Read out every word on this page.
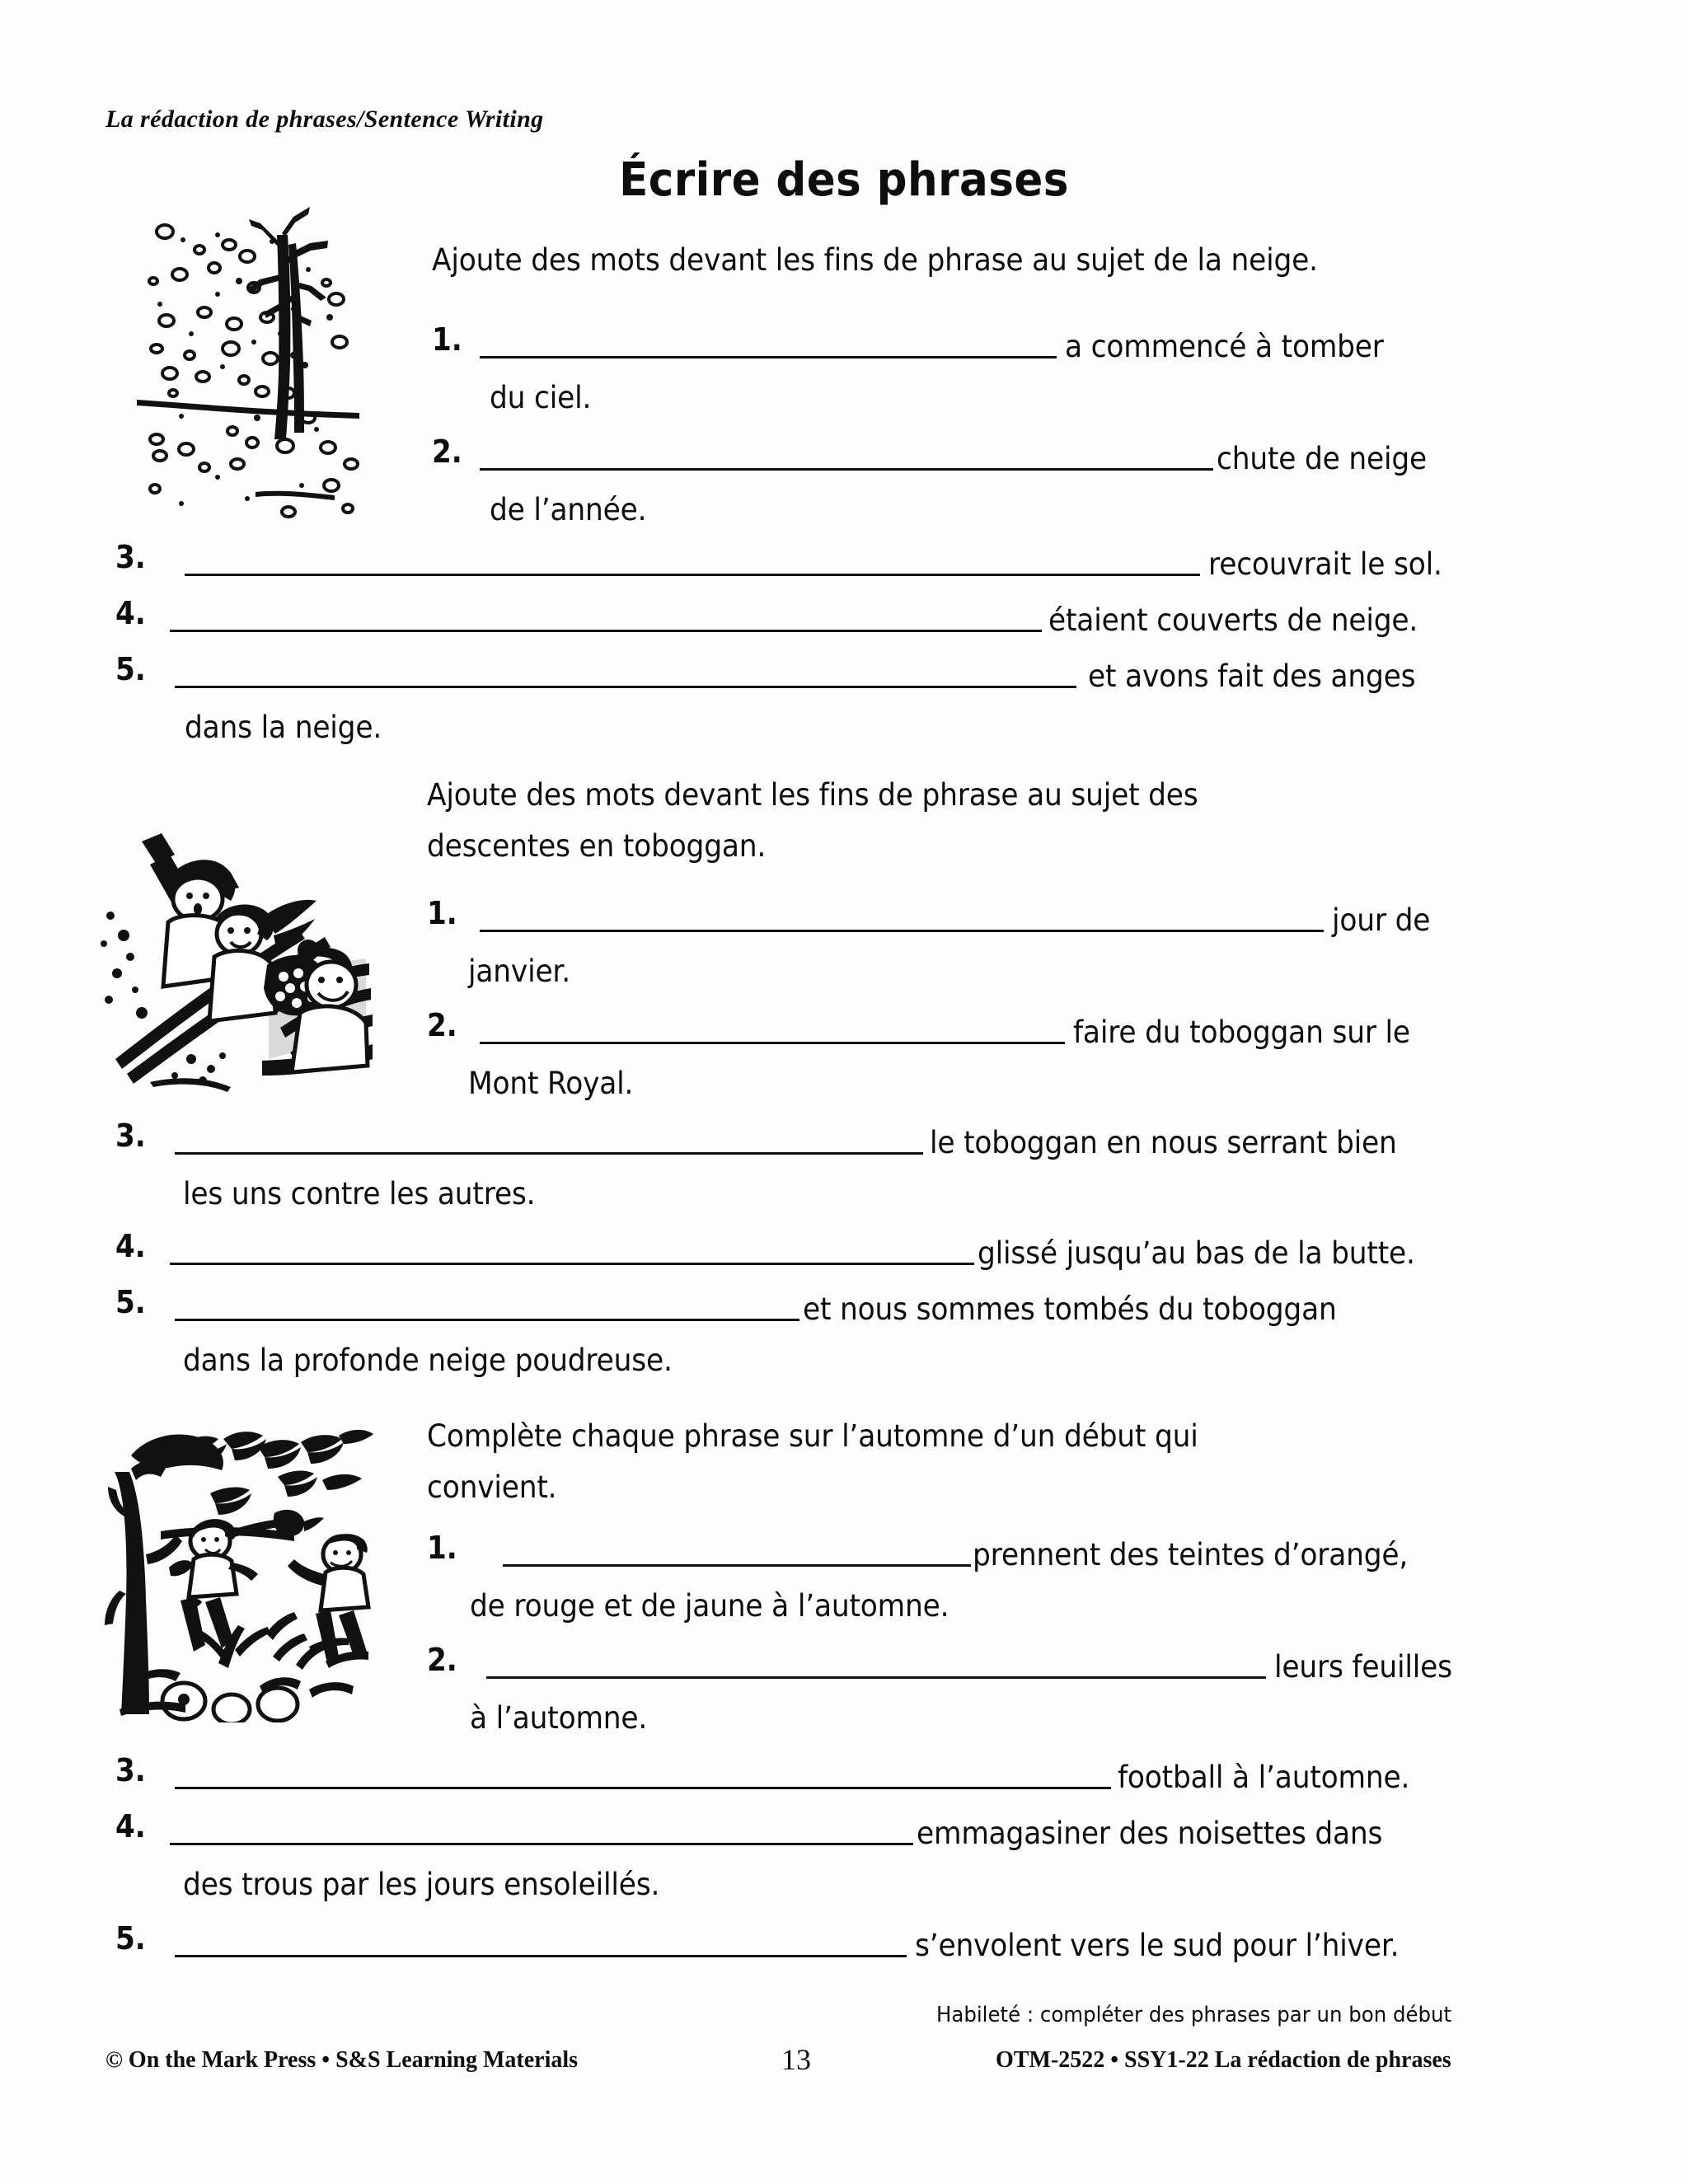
La rédaction de phrases/Sentence Writing
Écrire des phrases
Ajoute des mots devant les fins de phrase au sujet de la neige.
1.	a commencé à tomber
du ciel.
2.	chute de neige
de l’année.
3.	recouvrait le sol.
4.	étaient couverts de neige.
5.	et avons fait des anges
dans la neige.
Ajoute des mots devant les fins de phrase au sujet des
descentes en toboggan.
1.	jour de
janvier.
2.	faire du toboggan sur le
Mont Royal.
3.	le toboggan en nous serrant bien
les uns contre les autres.
4.	glissé jusqu’au bas de la butte.
5.	et nous sommes tombés du toboggan
dans la profonde neige poudreuse.
Complète chaque phrase sur l’automne d’un début qui
convient.
1.	prennent des teintes d’orangé,
de rouge et de jaune à l’automne.
2.	leurs feuilles
à l’automne.
3.	football à l’automne.
4.	emmagasiner des noisettes dans
des trous par les jours ensoleillés.
5.	s’envolent vers le sud pour l’hiver.
Habileté : compléter des phrases par un bon début
© On the Mark Press • S&S Learning Materials	13	OTM-2522 • SSY1-22 La rédaction de phrases
